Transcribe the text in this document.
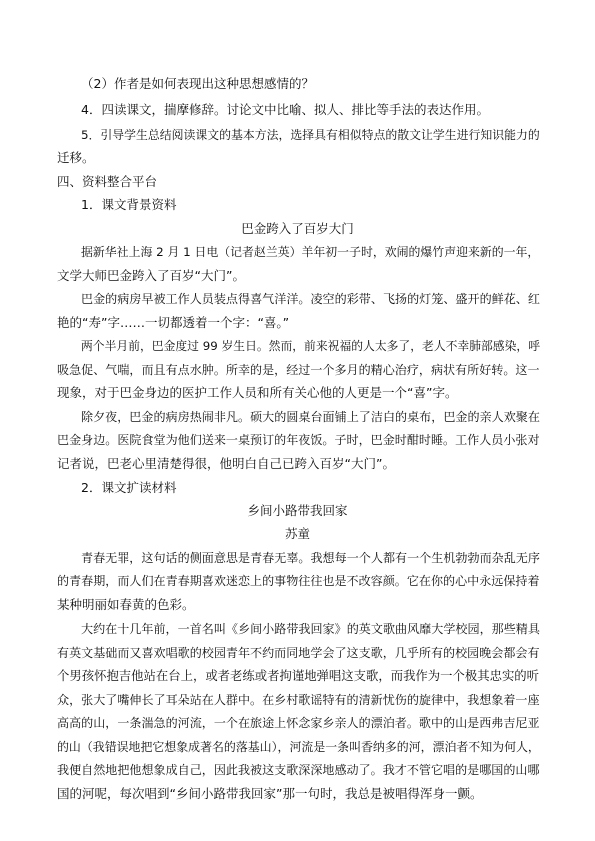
（2）作者是如何表现出这种思想感情的？
4．四读课文，揣摩修辞。讨论文中比喻、拟人、排比等手法的表达作用。
5．引导学生总结阅读课文的基本方法，选择具有相似特点的散文让学生进行知识能力的
迁移。
四、资料整合平台
1．课文背景资料
巴金跨入了百岁大门
据新华社上海 2 月 1 日电（记者赵兰英）羊年初一子时，欢闹的爆竹声迎来新的一年，
文学大师巴金跨入了百岁“大门”。
巴金的病房早被工作人员装点得喜气洋洋。凌空的彩带、飞扬的灯笼、盛开的鲜花、红
艳的“寿”字……一切都透着一个字：“喜。”
两个半月前，巴金度过 99 岁生日。然而，前来祝福的人太多了，老人不幸肺部感染，呼
吸急促、气喘，而且有点水肿。所幸的是，经过一个多月的精心治疗，病状有所好转。这一
现象，对于巴金身边的医护工作人员和所有关心他的人更是一个“喜”字。
除夕夜，巴金的病房热闹非凡。硕大的圆桌台面铺上了洁白的桌布，巴金的亲人欢聚在
巴金身边。医院食堂为他们送来一桌预订的年夜饭。子时，巴金时酣时睡。工作人员小张对
记者说，巴老心里清楚得很，他明白自己已跨入百岁“大门”。
2．课文扩读材料
乡间小路带我回家
苏童
青春无罪，这句话的侧面意思是青春无辜。我想每一个人都有一个生机勃勃而杂乱无序
的青春期，而人们在青春期喜欢迷恋上的事物往往也是不改容颜。它在你的心中永远保持着
某种明丽如春黄的色彩。
大约在十几年前，一首名叫《乡间小路带我回家》的英文歌曲风靡大学校园，那些精具
有英文基础而又喜欢唱歌的校园青年不约而同地学会了这支歌，几乎所有的校园晚会都会有
个男孩怀抱吉他站在台上，或者老练或者拘谨地弹唱这支歌，而我作为一个极其忠实的听
众，张大了嘴伸长了耳朵站在人群中。在乡村歌谣特有的清新忧伤的旋律中，我想象着一座
高高的山，一条湍急的河流，一个在旅途上怀念家乡亲人的漂泊者。歌中的山是西弗吉尼亚
的山（我错误地把它想象成著名的落基山），河流是一条叫香纳多的河，漂泊者不知为何人，
我便自然地把他想象成自己，因此我被这支歌深深地感动了。我才不管它唱的是哪国的山哪
国的河呢，每次唱到“乡间小路带我回家”那一句时，我总是被唱得浑身一颤。
